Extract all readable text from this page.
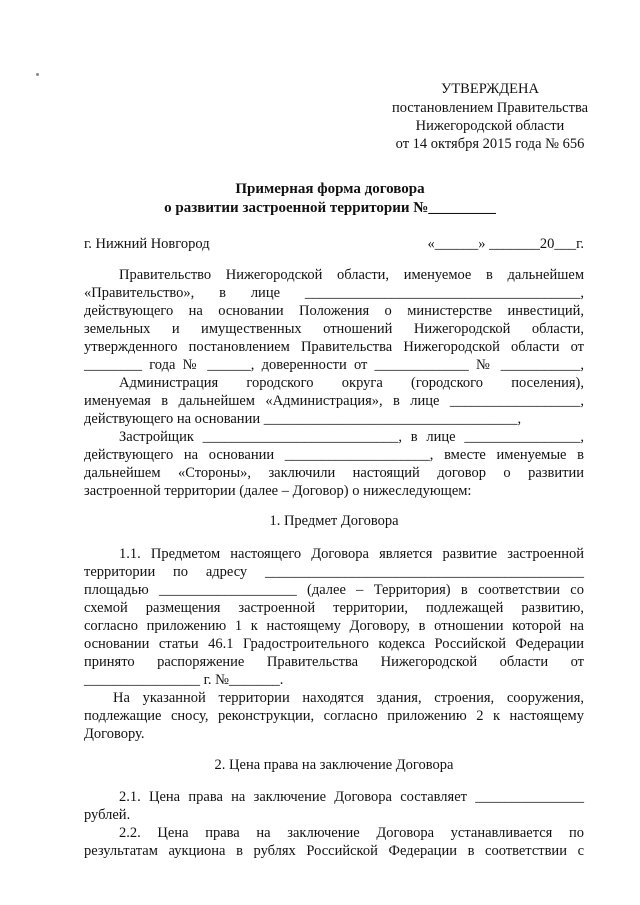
УТВЕРЖДЕНА
постановлением Правительства
Нижегородской области
от 14 октября 2015 года № 656
Примерная форма договора
о развитии застроенной территории №_________
г. Нижний Новгород	«______» _______20___г.
Правительство Нижегородской области, именуемое в дальнейшем
«Правительство», в лице ______________________________________,
действующего на основании Положения о министерстве инвестиций,
земельных и имущественных отношений Нижегородской области,
утвержденного постановлением Правительства Нижегородской области от
________ года № ______, доверенности от _____________ № ___________,
Администрация городского округа (городского поселения),
именуемая в дальнейшем «Администрация», в лице __________________,
действующего на основании ___________________________________,
Застройщик ___________________________, в лице ________________,
действующего на основании ____________________, вместе именуемые в
дальнейшем «Стороны», заключили настоящий договор о развитии
застроенной территории (далее – Договор) о нижеследующем:
1. Предмет Договора
1.1. Предметом настоящего Договора является развитие застроенной
территории по адресу ____________________________________________
площадью ___________________ (далее – Территория) в соответствии со
схемой размещения застроенной территории, подлежащей развитию,
согласно приложению 1 к настоящему Договору, в отношении которой на
основании статьи 46.1 Градостроительного кодекса Российской Федерации
принято распоряжение Правительства Нижегородской области от
________________ г. №_______.
На указанной территории находятся здания, строения, сооружения,
подлежащие сносу, реконструкции, согласно приложению 2 к настоящему
Договору.
2. Цена права на заключение Договора
2.1. Цена права на заключение Договора составляет _______________
рублей.
2.2. Цена права на заключение Договора устанавливается по
результатам аукциона в рублях Российской Федерации в соответствии с
